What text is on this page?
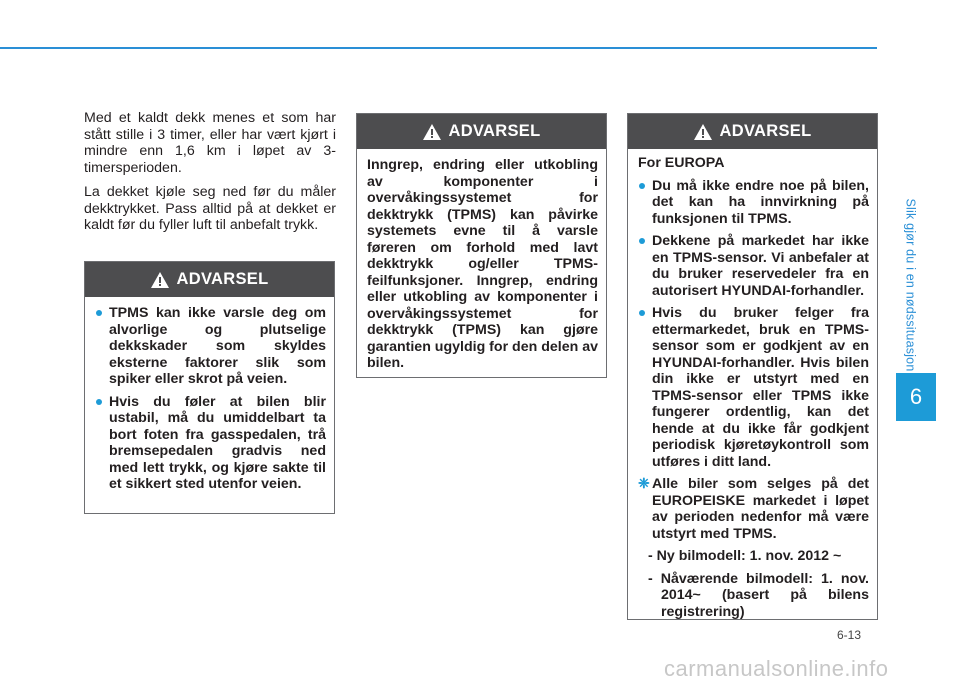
Slik gjør du i en nødssituasjon
6

Med et kaldt dekk menes et som har stått stille i 3 timer, eller har vært kjørt i mindre enn 1,6 km i løpet av 3-timersperioden.

La dekket kjøle seg ned før du måler dekktrykket. Pass alltid på at dekket er kaldt før du fyller luft til anbefalt trykk.

ADVARSEL
TPMS kan ikke varsle deg om alvorlige og plutselige dekkskader som skyldes eksterne faktorer slik som spiker eller skrot på veien.
Hvis du føler at bilen blir ustabil, må du umiddelbart ta bort foten fra gasspedalen, trå bremsepedalen gradvis ned med lett trykk, og kjøre sakte til et sikkert sted utenfor veien.
ADVARSEL

Inngrep, endring eller utkobling av komponenter i overvåkingssystemet for dekktrykk (TPMS) kan påvirke systemets evne til å varsle føreren om forhold med lavt dekktrykk og/eller TPMS-feilfunksjoner. Inngrep, endring eller utkobling av komponenter i overvåkingssystemet for dekktrykk (TPMS) kan gjøre garantien ugyldig for den delen av bilen.

ADVARSEL

For EUROPA

Du må ikke endre noe på bilen, det kan ha innvirkning på funksjonen til TPMS.
Dekkene på markedet har ikke en TPMS-sensor. Vi anbefaler at du bruker reservedeler fra en autorisert HYUNDAI-forhandler.
Hvis du bruker felger fra ettermarkedet, bruk en TPMS-sensor som er godkjent av en HYUNDAI-forhandler. Hvis bilen din ikke er utstyrt med en TPMS-sensor eller TPMS ikke fungerer ordentlig, kan det hende at du ikke får godkjent periodisk kjøretøykontroll som utføres i ditt land.
❈ Alle biler som selges på det EUROPEISKE markedet i løpet av perioden nedenfor må være utstyrt med TPMS.
- Ny bilmodell: 1. nov. 2012 ~
- Nåværende bilmodell: 1. nov. 2014~ (basert på bilens registrering)
6-13
carmanualsonline.info
